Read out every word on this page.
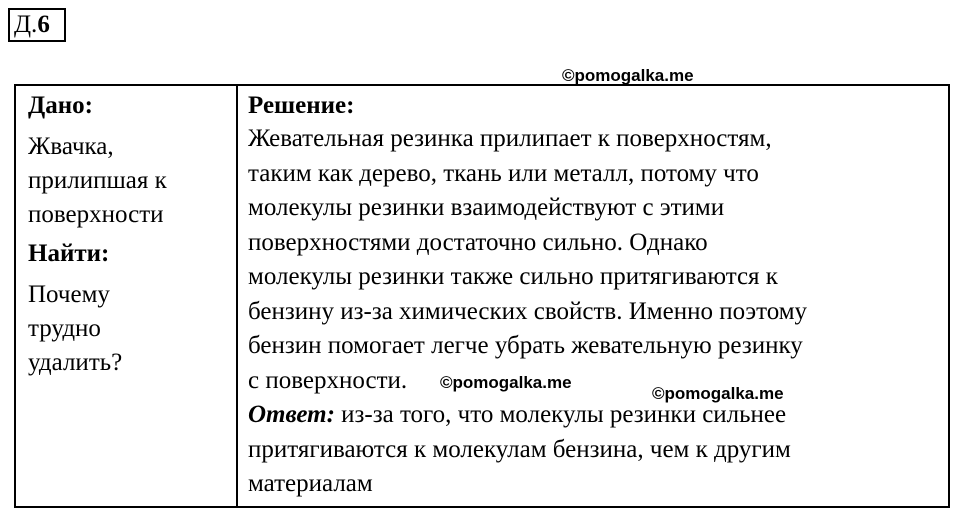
Д.6
©pomogalka.me
Дано:
Жвачка,
прилипшая к
поверхности
Найти:
Почему
трудно
удалить?
Решение:
Жевательная резинка прилипает к поверхностям,
таким как дерево, ткань или металл, потому что
молекулы резинки взаимодействуют с этими
поверхностями достаточно сильно. Однако
молекулы резинки также сильно притягиваются к
бензину из-за химических свойств. Именно поэтому
бензин помогает легче убрать жевательную резинку
с поверхности.
Ответ: из-за того, что молекулы резинки сильнее
притягиваются к молекулам бензина, чем к другим
материалам
©pomogalka.me
©pomogalka.me
